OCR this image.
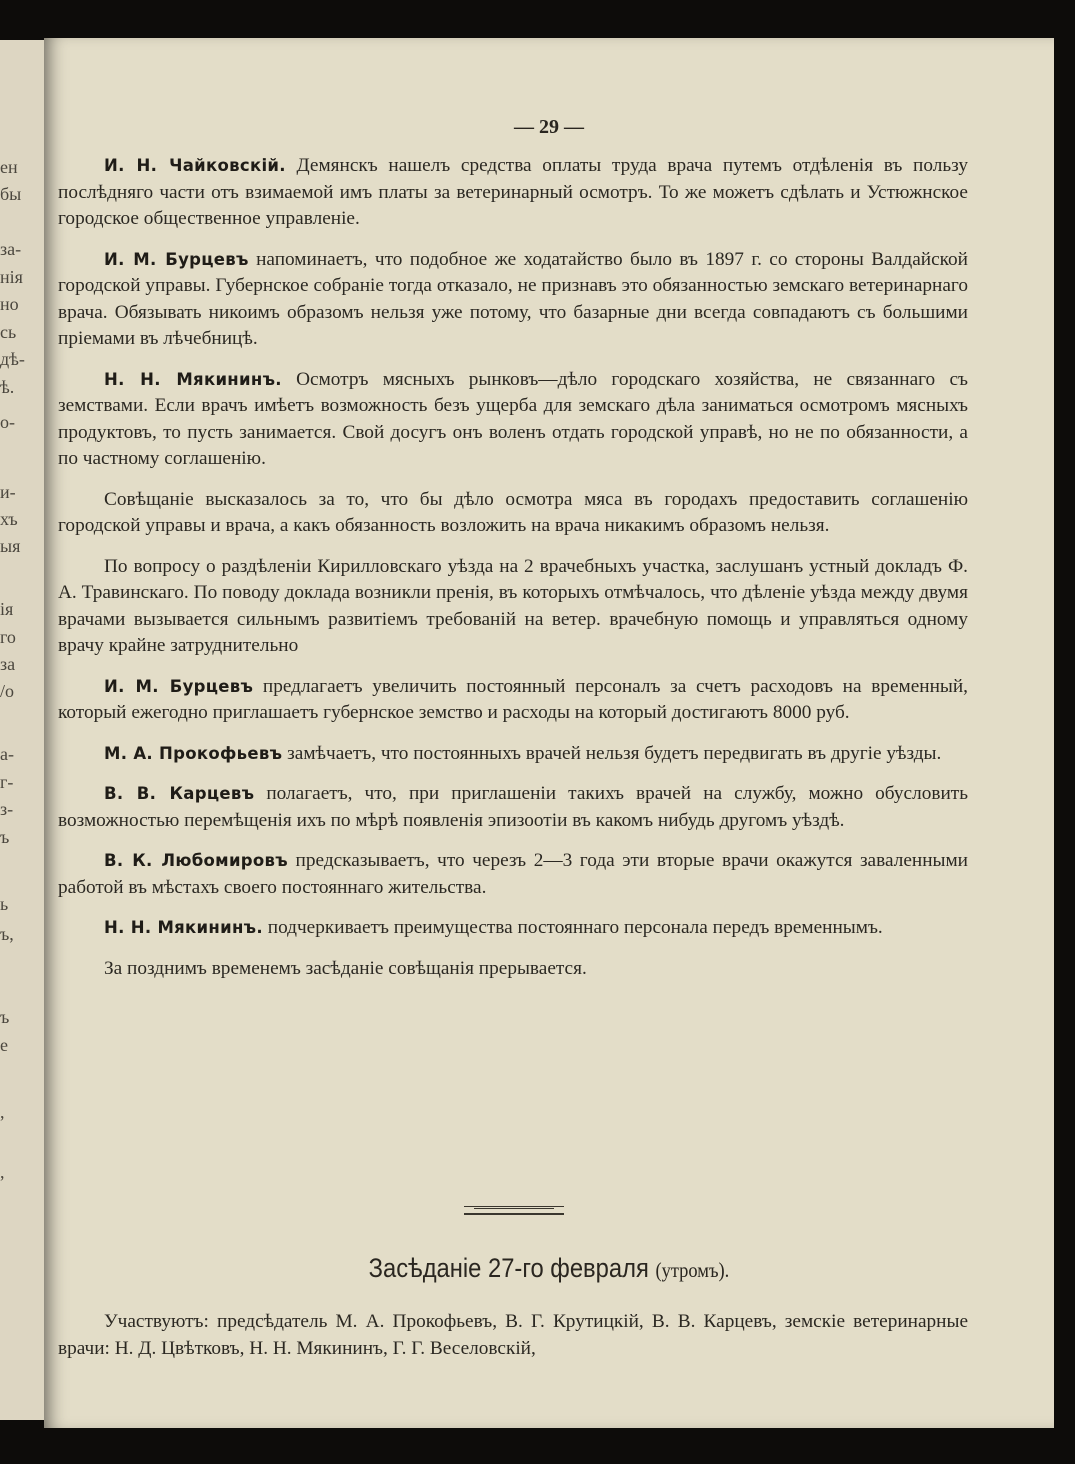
ен
бы
за-
нія
но
сь
дѣ-
ѣ.
о-
и-
хъ
ыя
ія
го
за
/о
а-
г-
з-
ъ
ь
ъ,
ъ
е
,
,
— 29 —

И. Н. Чайковскій. Демянскъ нашелъ средства оплаты труда врача путемъ отдѣленія въ пользу послѣдняго части отъ взимаемой имъ платы за ветеринарный осмотръ. То же можетъ сдѣлать и Устюжнское городское общественное управленіе.

И. М. Бурцевъ напоминаетъ, что подобное же ходатайство было въ 1897 г. со стороны Валдайской городской управы. Губернское собраніе тогда отказало, не признавъ это обязанностью земскаго ветеринарнаго врача. Обязывать никоимъ образомъ нельзя уже потому, что базарные дни всегда совпадаютъ съ большими пріемами въ лѣчебницѣ.

Н. Н. Мякининъ. Осмотръ мясныхъ рынковъ—дѣло городскаго хозяйства, не связаннаго съ земствами. Если врачъ имѣетъ возможность безъ ущерба для земскаго дѣла заниматься осмотромъ мясныхъ продуктовъ, то пусть занимается. Свой досугъ онъ воленъ отдать городской управѣ, но не по обязанности, а по частному соглашенію.

Совѣщаніе высказалось за то, что бы дѣло осмотра мяса въ городахъ предоставить соглашенію городской управы и врача, а какъ обязанность возложить на врача никакимъ образомъ нельзя.

По вопросу о раздѣленіи Кирилловскаго уѣзда на 2 врачебныхъ участка, заслушанъ устный докладъ Ф. А. Травинскаго. По поводу доклада возникли пренія, въ которыхъ отмѣчалось, что дѣленіе уѣзда между двумя врачами вызывается сильнымъ развитіемъ требованій на ветер. врачебную помощь и управляться одному врачу крайне затруднительно

И. М. Бурцевъ предлагаетъ увеличить постоянный персоналъ за счетъ расходовъ на временный, который ежегодно приглашаетъ губернское земство и расходы на который достигаютъ 8000 руб.

М. А. Прокофьевъ замѣчаетъ, что постоянныхъ врачей нельзя будетъ передвигать въ другіе уѣзды.

В. В. Карцевъ полагаетъ, что, при приглашеніи такихъ врачей на службу, можно обусловить возможностью перемѣщенія ихъ по мѣрѣ появленія эпизоотіи въ какомъ нибудь другомъ уѣздѣ.

В. К. Любомировъ предсказываетъ, что черезъ 2—3 года эти вторые врачи окажутся заваленными работой въ мѣстахъ своего постояннаго жительства.

Н. Н. Мякининъ. подчеркиваетъ преимущества постояннаго персонала передъ временнымъ.

За позднимъ временемъ засѣданіе совѣщанія прерывается.

Засѣданіе 27-го февраля (утромъ).

Участвуютъ: предсѣдатель М. А. Прокофьевъ, В. Г. Крутицкій, В. В. Карцевъ, земскіе ветеринарные врачи: Н. Д. Цвѣтковъ, Н. Н. Мякининъ, Г. Г. Веселовскій,
